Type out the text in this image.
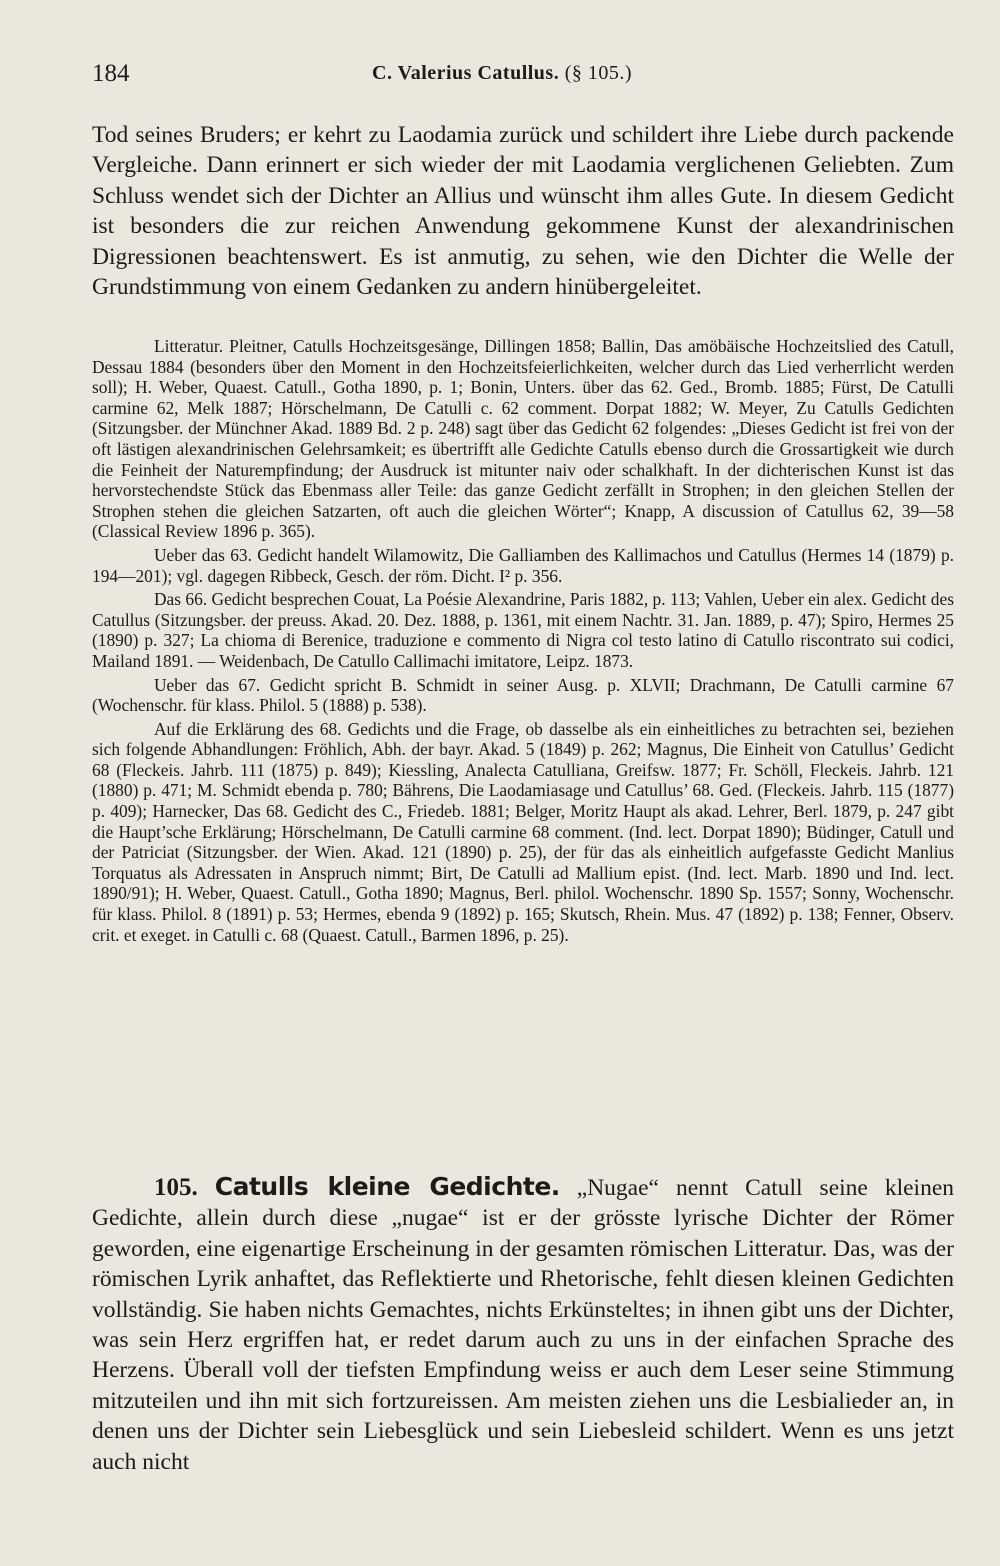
184	C. Valerius Catullus. (§ 105.)

Tod seines Bruders; er kehrt zu Laodamia zurück und schildert ihre Liebe durch packende Vergleiche. Dann erinnert er sich wieder der mit Laodamia verglichenen Geliebten. Zum Schluss wendet sich der Dichter an Allius und wünscht ihm alles Gute. In diesem Gedicht ist besonders die zur reichen Anwendung gekommene Kunst der alexandrinischen Digressionen beachtenswert. Es ist anmutig, zu sehen, wie den Dichter die Welle der Grundstimmung von einem Gedanken zu andern hinübergeleitet.

Litteratur. Pleitner, Catulls Hochzeitsgesänge, Dillingen 1858; Ballin, Das amöbäische Hochzeitslied des Catull, Dessau 1884 (besonders über den Moment in den Hochzeitsfeierlichkeiten, welcher durch das Lied verherrlicht werden soll); H. Weber, Quaest. Catull., Gotha 1890, p. 1; Bonin, Unters. über das 62. Ged., Bromb. 1885; Fürst, De Catulli carmine 62, Melk 1887; Hörschelmann, De Catulli c. 62 comment. Dorpat 1882; W. Meyer, Zu Catulls Gedichten (Sitzungsber. der Münchner Akad. 1889 Bd. 2 p. 248) sagt über das Gedicht 62 folgendes: „Dieses Gedicht ist frei von der oft lästigen alexandrinischen Gelehrsamkeit; es übertrifft alle Gedichte Catulls ebenso durch die Grossartigkeit wie durch die Feinheit der Naturempfindung; der Ausdruck ist mitunter naiv oder schalkhaft. In der dichterischen Kunst ist das hervorstechendste Stück das Ebenmass aller Teile: das ganze Gedicht zerfällt in Strophen; in den gleichen Stellen der Strophen stehen die gleichen Satzarten, oft auch die gleichen Wörter“; Knapp, A discussion of Catullus 62, 39—58 (Classical Review 1896 p. 365).

Ueber das 63. Gedicht handelt Wilamowitz, Die Galliamben des Kallimachos und Catullus (Hermes 14 (1879) p. 194—201); vgl. dagegen Ribbeck, Gesch. der röm. Dicht. I² p. 356.

Das 66. Gedicht besprechen Couat, La Poésie Alexandrine, Paris 1882, p. 113; Vahlen, Ueber ein alex. Gedicht des Catullus (Sitzungsber. der preuss. Akad. 20. Dez. 1888, p. 1361, mit einem Nachtr. 31. Jan. 1889, p. 47); Spiro, Hermes 25 (1890) p. 327; La chioma di Berenice, traduzione e commento di Nigra col testo latino di Catullo riscontrato sui codici, Mailand 1891. — Weidenbach, De Catullo Callimachi imitatore, Leipz. 1873.

Ueber das 67. Gedicht spricht B. Schmidt in seiner Ausg. p. XLVII; Drachmann, De Catulli carmine 67 (Wochenschr. für klass. Philol. 5 (1888) p. 538).

Auf die Erklärung des 68. Gedichts und die Frage, ob dasselbe als ein einheitliches zu betrachten sei, beziehen sich folgende Abhandlungen: Fröhlich, Abh. der bayr. Akad. 5 (1849) p. 262; Magnus, Die Einheit von Catullus’ Gedicht 68 (Fleckeis. Jahrb. 111 (1875) p. 849); Kiessling, Analecta Catulliana, Greifsw. 1877; Fr. Schöll, Fleckeis. Jahrb. 121 (1880) p. 471; M. Schmidt ebenda p. 780; Bährens, Die Laodamiasage und Catullus’ 68. Ged. (Fleckeis. Jahrb. 115 (1877) p. 409); Harnecker, Das 68. Gedicht des C., Friedeb. 1881; Belger, Moritz Haupt als akad. Lehrer, Berl. 1879, p. 247 gibt die Haupt’sche Erklärung; Hörschelmann, De Catulli carmine 68 comment. (Ind. lect. Dorpat 1890); Büdinger, Catull und der Patriciat (Sitzungsber. der Wien. Akad. 121 (1890) p. 25), der für das als einheitlich aufgefasste Gedicht Manlius Torquatus als Adressaten in Anspruch nimmt; Birt, De Catulli ad Mallium epist. (Ind. lect. Marb. 1890 und Ind. lect. 1890/91); H. Weber, Quaest. Catull., Gotha 1890; Magnus, Berl. philol. Wochenschr. 1890 Sp. 1557; Sonny, Wochenschr. für klass. Philol. 8 (1891) p. 53; Hermes, ebenda 9 (1892) p. 165; Skutsch, Rhein. Mus. 47 (1892) p. 138; Fenner, Observ. crit. et exeget. in Catulli c. 68 (Quaest. Catull., Barmen 1896, p. 25).

105. Catulls kleine Gedichte. „Nugae“ nennt Catull seine kleinen Gedichte, allein durch diese „nugae“ ist er der grösste lyrische Dichter der Römer geworden, eine eigenartige Erscheinung in der gesamten römischen Litteratur. Das, was der römischen Lyrik anhaftet, das Reflektierte und Rhetorische, fehlt diesen kleinen Gedichten vollständig. Sie haben nichts Gemachtes, nichts Erkünsteltes; in ihnen gibt uns der Dichter, was sein Herz ergriffen hat, er redet darum auch zu uns in der einfachen Sprache des Herzens. Überall voll der tiefsten Empfindung weiss er auch dem Leser seine Stimmung mitzuteilen und ihn mit sich fortzureissen. Am meisten ziehen uns die Lesbialieder an, in denen uns der Dichter sein Liebesglück und sein Liebesleid schildert. Wenn es uns jetzt auch nicht
